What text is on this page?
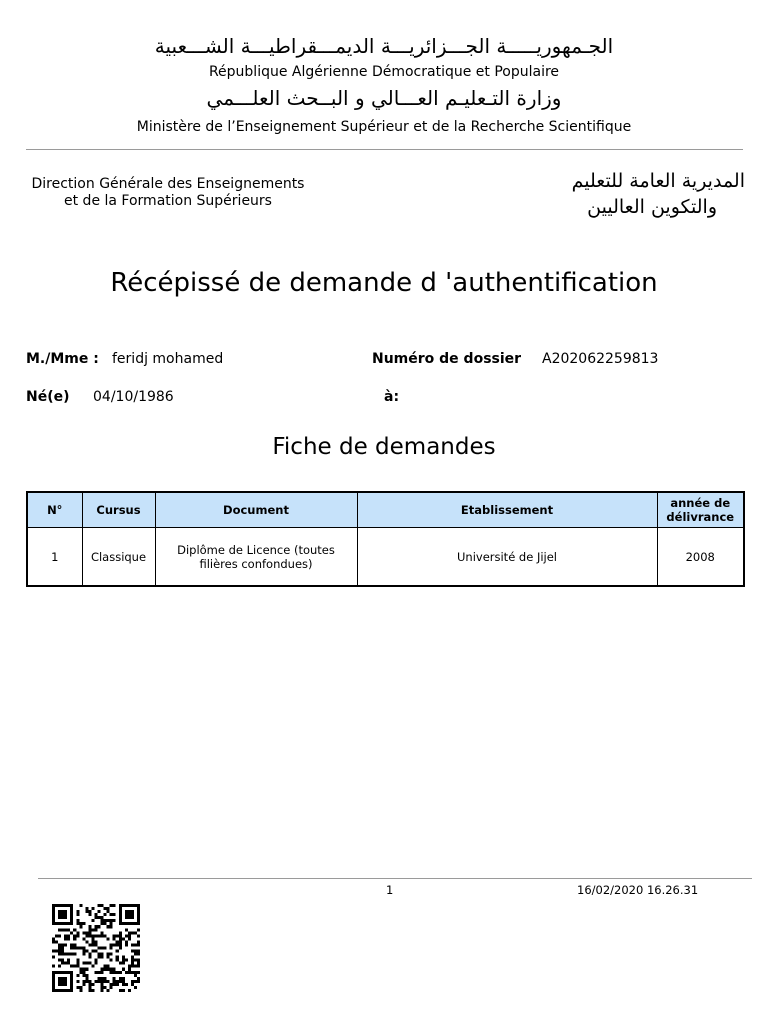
الجـمهوريـــــة الجـــزائريـــة الديمـــقراطيـــة الشـــعبية
République Algérienne Démocratique et Populaire
وزارة التـعليـم العـــالي و البــحث العلـــمي
Ministère de l’Enseignement Supérieur et de la Recherche Scientifique
Direction Générale des Enseignements
et de la Formation Supérieurs
المديرية العامة للتعليم
والتكوين العاليين
Récépissé de demande d 'authentification
M./Mme : feridj mohamed	Numéro de dossier A202062259813
Né(e) 04/10/1986	à:
Fiche de demandes
N°	Cursus	Document	Etablissement	année de délivrance
1	Classique	Diplôme de Licence (toutes filières confondues)	Université de Jijel	2008
1	16/02/2020 16.26.31
